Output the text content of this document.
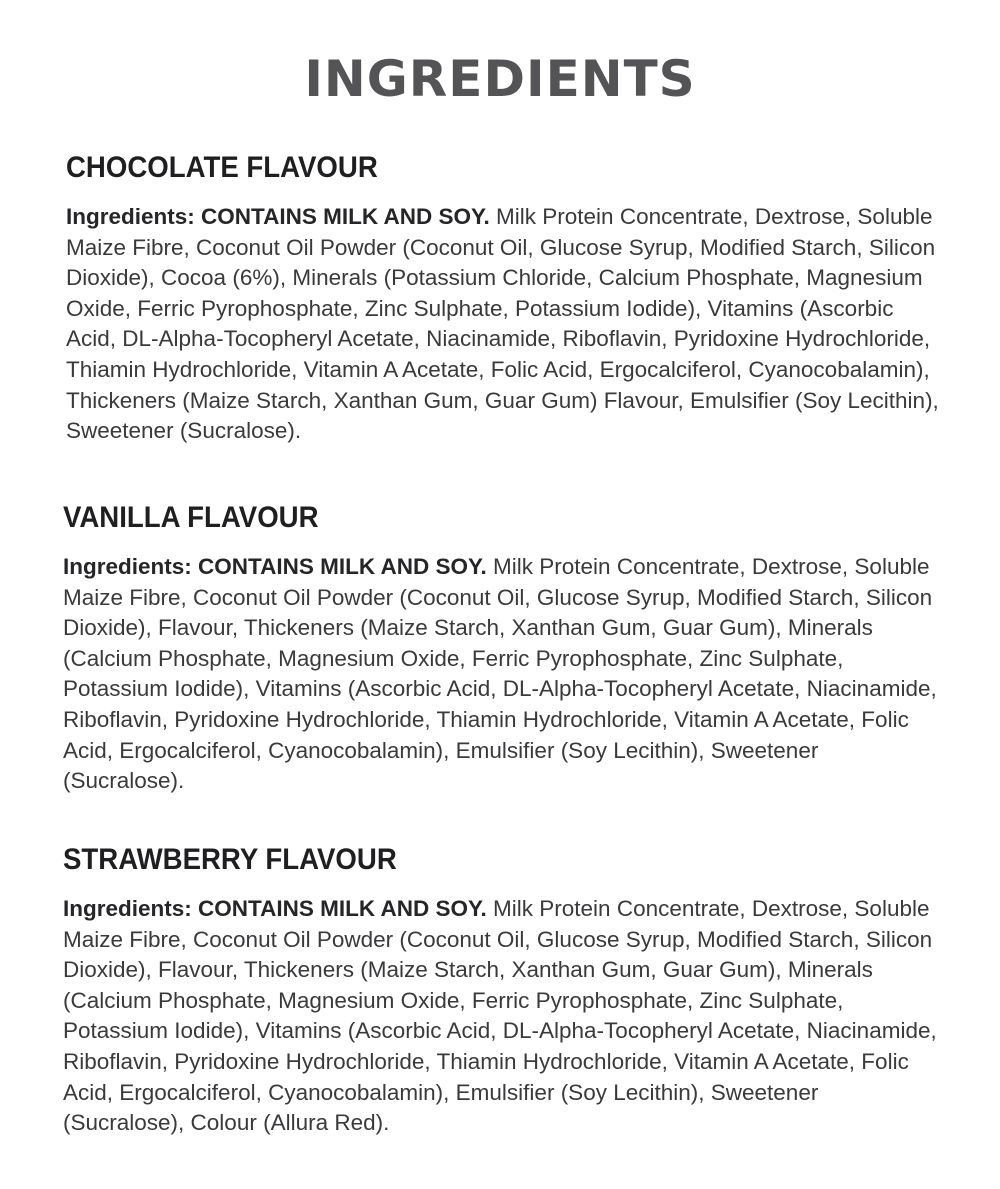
INGREDIENTS
CHOCOLATE FLAVOUR

Ingredients: CONTAINS MILK AND SOY. Milk Protein Concentrate, Dextrose, Soluble Maize Fibre, Coconut Oil Powder (Coconut Oil, Glucose Syrup, Modified Starch, Silicon Dioxide), Cocoa (6%), Minerals (Potassium Chloride, Calcium Phosphate, Magnesium Oxide, Ferric Pyrophosphate, Zinc Sulphate, Potassium Iodide), Vitamins (Ascorbic Acid, DL-Alpha-Tocopheryl Acetate, Niacinamide, Riboflavin, Pyridoxine Hydrochloride, Thiamin Hydrochloride, Vitamin A Acetate, Folic Acid, Ergocalciferol, Cyanocobalamin), Thickeners (Maize Starch, Xanthan Gum, Guar Gum) Flavour, Emulsifier (Soy Lecithin), Sweetener (Sucralose).

VANILLA FLAVOUR

Ingredients: CONTAINS MILK AND SOY. Milk Protein Concentrate, Dextrose, Soluble Maize Fibre, Coconut Oil Powder (Coconut Oil, Glucose Syrup, Modified Starch, Silicon Dioxide), Flavour, Thickeners (Maize Starch, Xanthan Gum, Guar Gum), Minerals (Calcium Phosphate, Magnesium Oxide, Ferric Pyrophosphate, Zinc Sulphate, Potassium Iodide), Vitamins (Ascorbic Acid, DL-Alpha-Tocopheryl Acetate, Niacinamide, Riboflavin, Pyridoxine Hydrochloride, Thiamin Hydrochloride, Vitamin A Acetate, Folic Acid, Ergocalciferol, Cyanocobalamin), Emulsifier (Soy Lecithin), Sweetener (Sucralose).

STRAWBERRY FLAVOUR

Ingredients: CONTAINS MILK AND SOY. Milk Protein Concentrate, Dextrose, Soluble Maize Fibre, Coconut Oil Powder (Coconut Oil, Glucose Syrup, Modified Starch, Silicon Dioxide), Flavour, Thickeners (Maize Starch, Xanthan Gum, Guar Gum), Minerals (Calcium Phosphate, Magnesium Oxide, Ferric Pyrophosphate, Zinc Sulphate, Potassium Iodide), Vitamins (Ascorbic Acid, DL-Alpha-Tocopheryl Acetate, Niacinamide, Riboflavin, Pyridoxine Hydrochloride, Thiamin Hydrochloride, Vitamin A Acetate, Folic Acid, Ergocalciferol, Cyanocobalamin), Emulsifier (Soy Lecithin), Sweetener (Sucralose), Colour (Allura Red).
